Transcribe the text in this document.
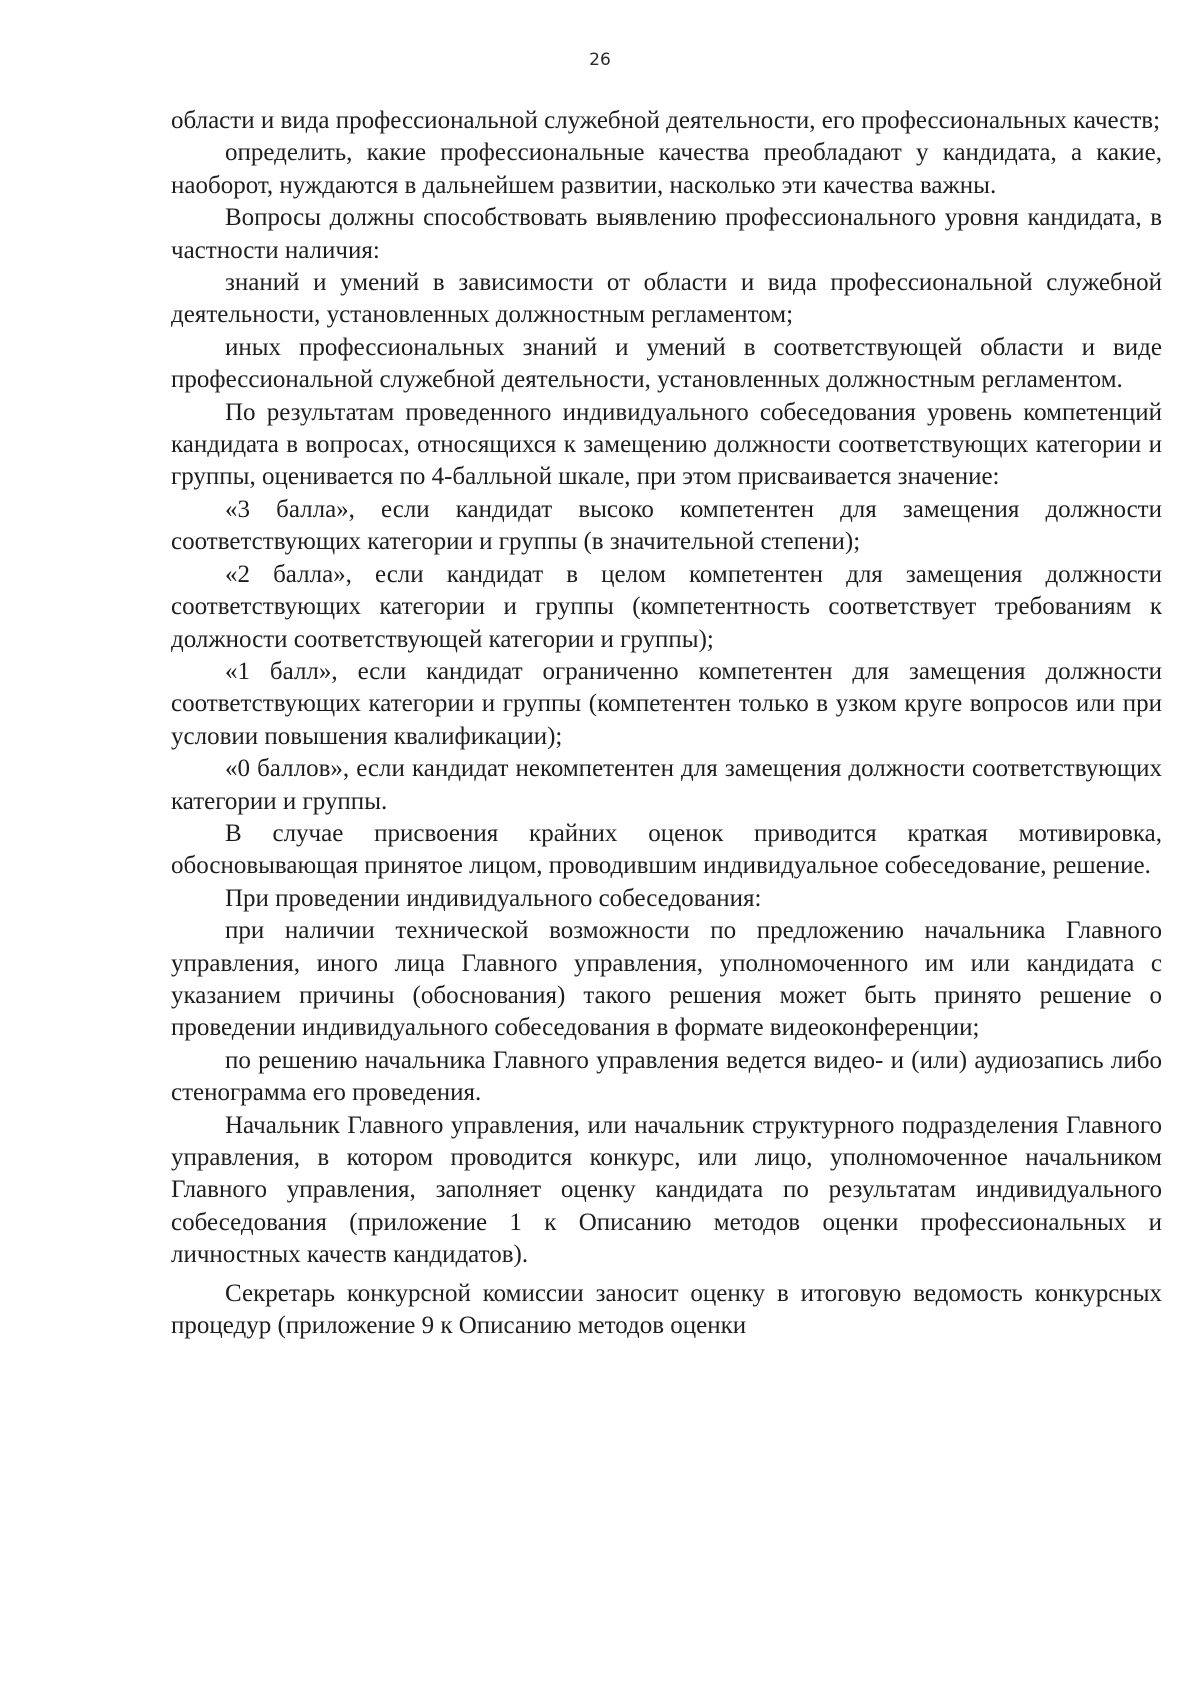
26

области и вида профессиональной служебной деятельности, его профессиональных качеств;

определить, какие профессиональные качества преобладают у кандидата, а какие, наоборот, нуждаются в дальнейшем развитии, насколько эти качества важны.

Вопросы должны способствовать выявлению профессионального уровня кандидата, в частности наличия:

знаний и умений в зависимости от области и вида профессиональной служебной деятельности, установленных должностным регламентом;

иных профессиональных знаний и умений в соответствующей области и виде профессиональной служебной деятельности, установленных должностным регламентом.

По результатам проведенного индивидуального собеседования уровень компетенций кандидата в вопросах, относящихся к замещению должности соответствующих категории и группы, оценивается по 4-балльной шкале, при этом присваивается значение:

«3 балла», если кандидат высоко компетентен для замещения должности соответствующих категории и группы (в значительной степени);

«2 балла», если кандидат в целом компетентен для замещения должности соответствующих категории и группы (компетентность соответствует требованиям к должности соответствующей категории и группы);

«1 балл», если кандидат ограниченно компетентен для замещения должности соответствующих категории и группы (компетентен только в узком круге вопросов или при условии повышения квалификации);

«0 баллов», если кандидат некомпетентен для замещения должности соответствующих категории и группы.

В случае присвоения крайних оценок приводится краткая мотивировка, обосновывающая принятое лицом, проводившим индивидуальное собеседование, решение.

При проведении индивидуального собеседования:

при наличии технической возможности по предложению начальника Главного управления, иного лица Главного управления, уполномоченного им или кандидата с указанием причины (обоснования) такого решения может быть принято решение о проведении индивидуального собеседования в формате видеоконференции;

по решению начальника Главного управления ведется видео- и (или) аудиозапись либо стенограмма его проведения.

Начальник Главного управления, или начальник структурного подразделения Главного управления, в котором проводится конкурс, или лицо, уполномоченное начальником Главного управления, заполняет оценку кандидата по результатам индивидуального собеседования (приложение 1 к Описанию методов оценки профессиональных и личностных качеств кандидатов).

Секретарь конкурсной комиссии заносит оценку в итоговую ведомость конкурсных процедур (приложение 9 к Описанию методов оценки
